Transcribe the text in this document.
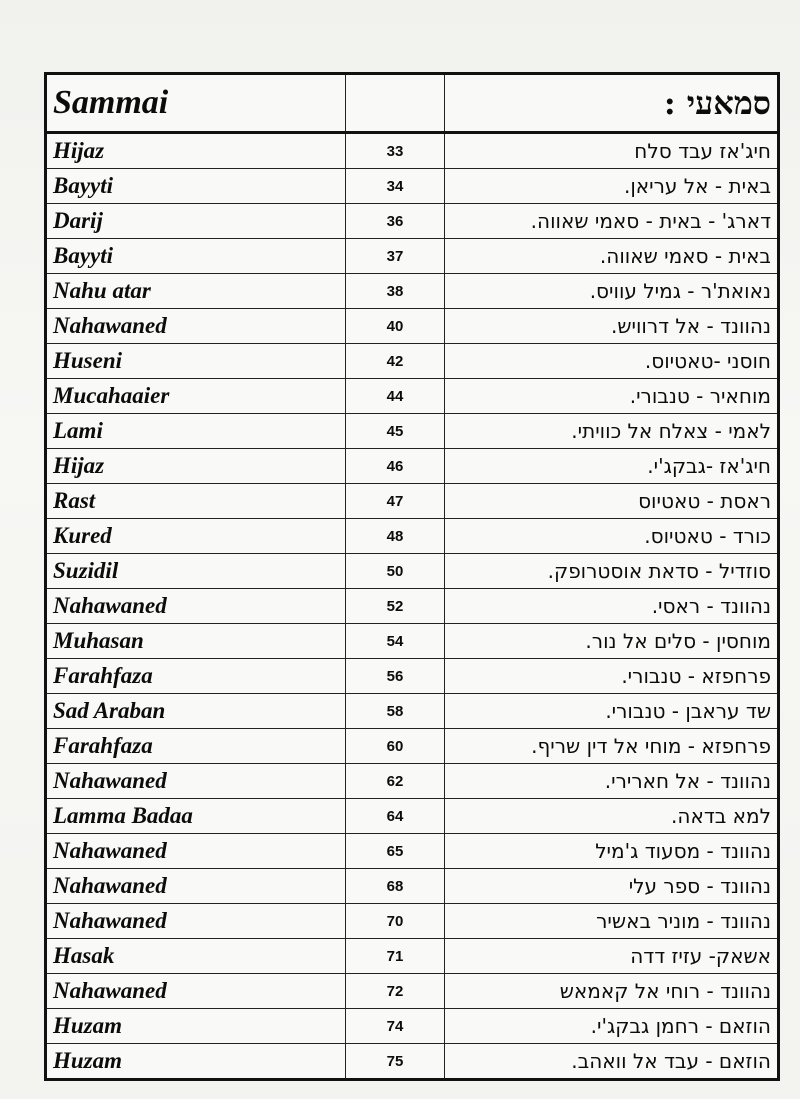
Sammai		סמאעי :
Hijaz	33	חיג'אז עבד סלח
Bayyti	34	באית - אל עריאן.
Darij	36	דארג' - באית - סאמי שאווה.
Bayyti	37	באית - סאמי שאווה.
Nahu atar	38	נאואת'ר - גמיל עוויס.
Nahawaned	40	נהוונד - אל דרוויש.
Huseni	42	חוסני -טאטיוס.
Mucahaaier	44	מוחאיר - טנבורי.
Lami	45	לאמי - צאלח אל כוויתי.
Hijaz	46	חיג'אז -גבקג'י.
Rast	47	ראסת - טאטיוס
Kured	48	כורד - טאטיוס.
Suzidil	50	סוזדיל - סדאת אוסטרופק.
Nahawaned	52	נהוונד - ראסי.
Muhasan	54	מוחסין - סלים אל נור.
Farahfaza	56	פרחפזא - טנבורי.
Sad Araban	58	שד עראבן - טנבורי.
Farahfaza	60	פרחפזא - מוחי אל דין שריף.
Nahawaned	62	נהוונד - אל חארירי.
Lamma Badaa	64	למא בדאה.
Nahawaned	65	נהוונד - מסעוד ג'מיל
Nahawaned	68	נהוונד - ספר עלי
Nahawaned	70	נהוונד - מוניר באשיר
Hasak	71	אשאק- עזיז דדה
Nahawaned	72	נהוונד - רוחי אל קאמאש
Huzam	74	הוזאם - רחמן גבקג'י.
Huzam	75	הוזאם - עבד אל וואהב.
